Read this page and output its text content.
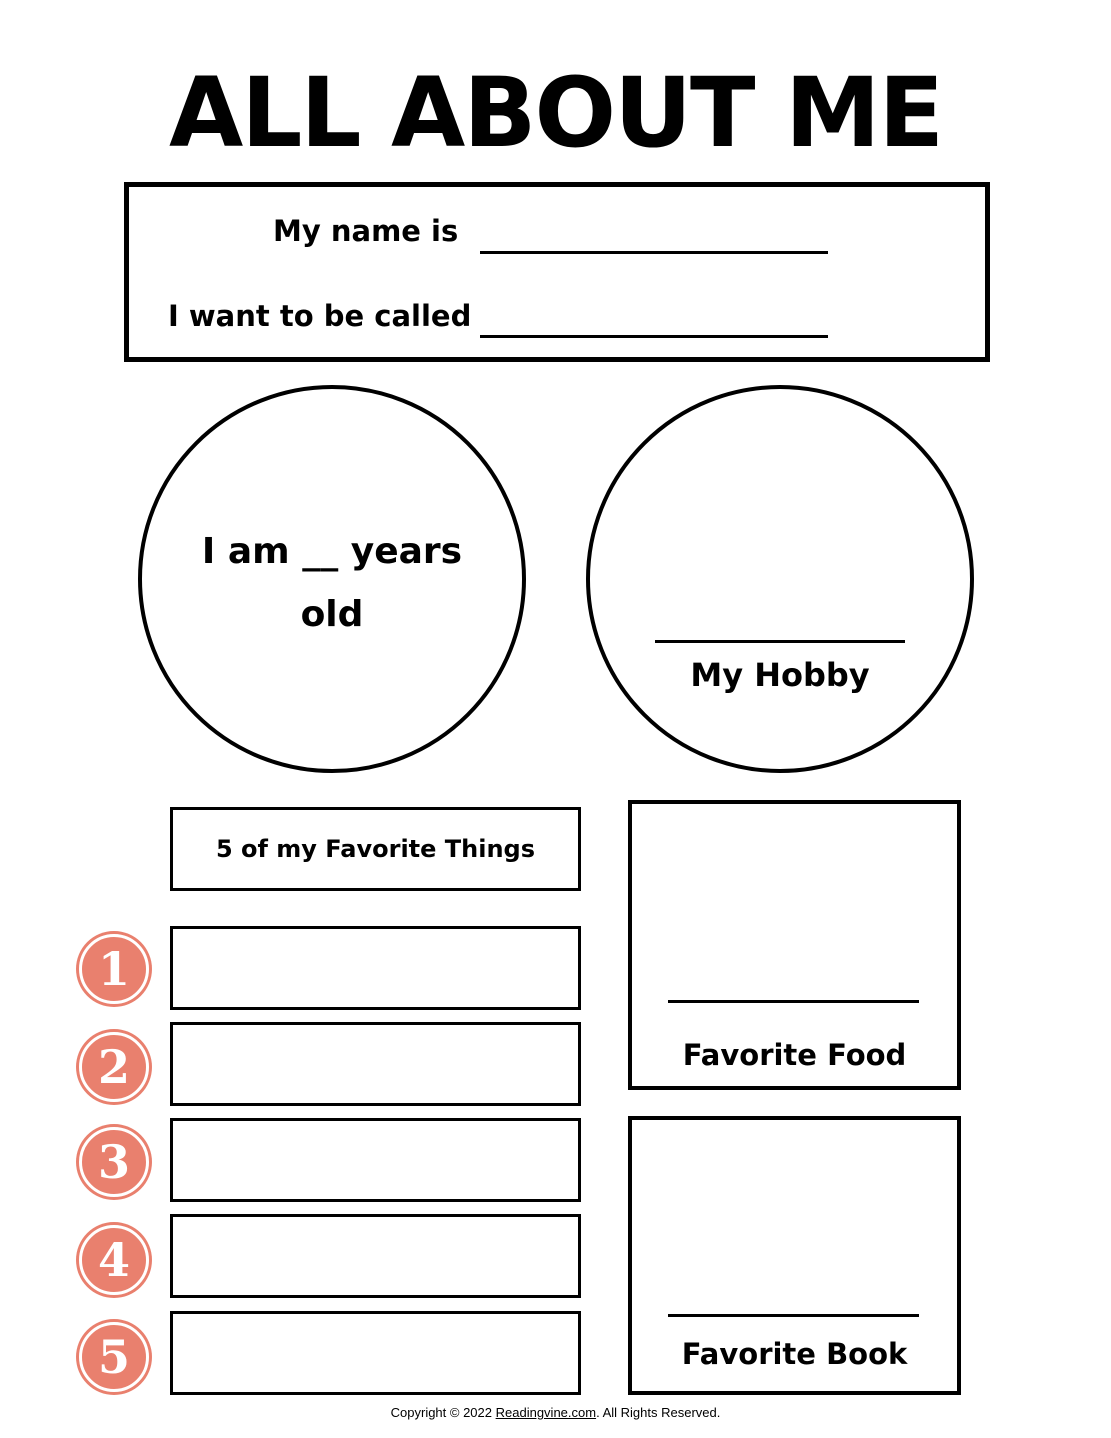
ALL ABOUT ME
My name is
I want to be called
I am __ years
old
My Hobby
5 of my Favorite Things
1
2
3
4
5
Favorite Food
Favorite Book
Copyright © 2022 Readingvine.com. All Rights Reserved.
